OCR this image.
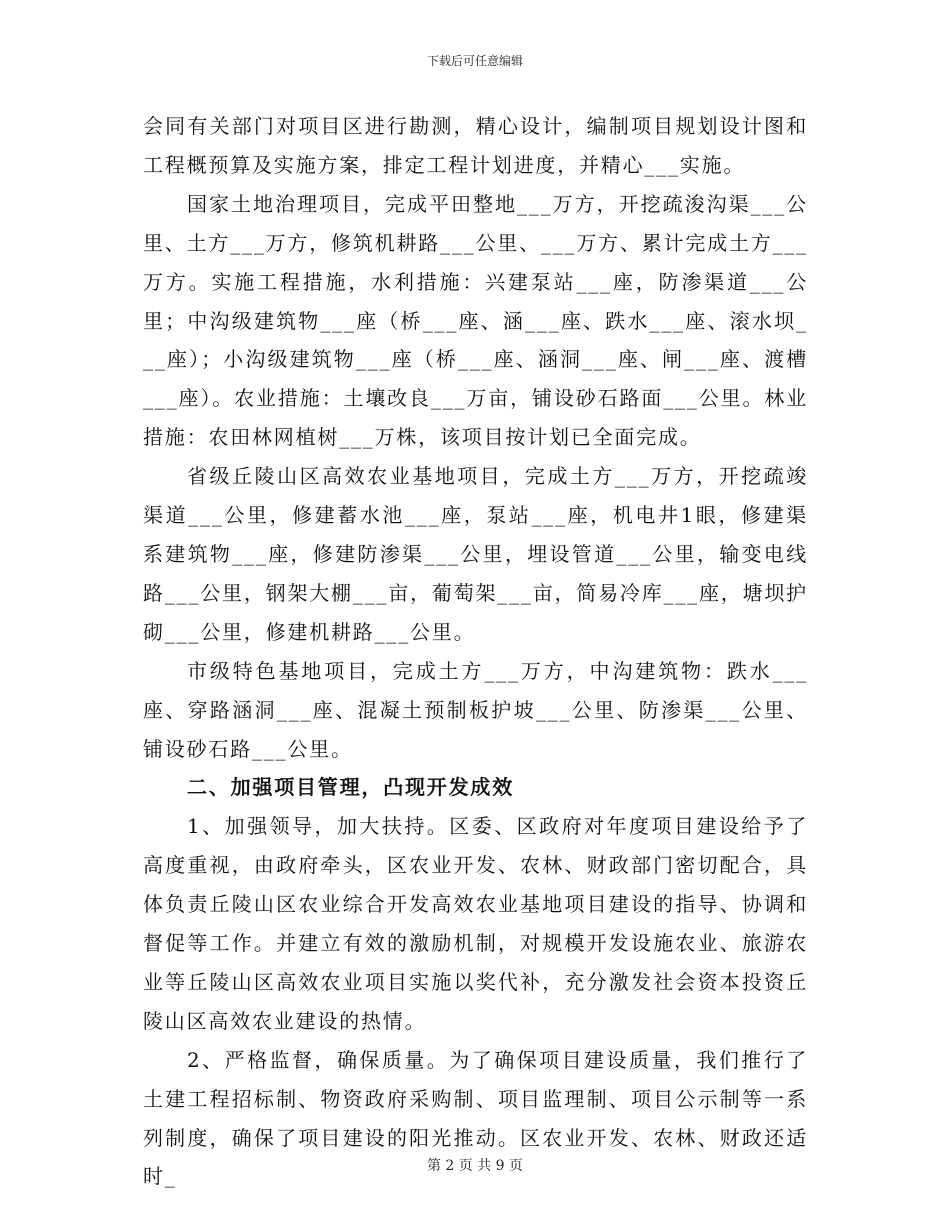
下载后可任意编辑

会同有关部门对项目区进行勘测，精心设计，编制项目规划设计图和工程概预算及实施方案，排定工程计划进度，并精心___实施。

国家土地治理项目，完成平田整地___万方，开挖疏浚沟渠___公里、土方___万方，修筑机耕路___公里、___万方、累计完成土方___万方。实施工程措施，水利措施：兴建泵站___座，防渗渠道___公里；中沟级建筑物___座（桥___座、涵___座、跌水___座、滚水坝___座）；小沟级建筑物___座（桥___座、涵洞___座、闸___座、渡槽___座）。农业措施：土壤改良___万亩，铺设砂石路面___公里。林业措施：农田林网植树___万株，该项目按计划已全面完成。

省级丘陵山区高效农业基地项目，完成土方___万方，开挖疏竣渠道___公里，修建蓄水池___座，泵站___座，机电井1眼，修建渠系建筑物___座，修建防渗渠___公里，埋设管道___公里，输变电线路___公里，钢架大棚___亩，葡萄架___亩，简易冷库___座，塘坝护砌___公里，修建机耕路___公里。

市级特色基地项目，完成土方___万方，中沟建筑物：跌水___座、穿路涵洞___座、混凝土预制板护坡___公里、防渗渠___公里、铺设砂石路___公里。

二、加强项目管理，凸现开发成效

1、加强领导，加大扶持。区委、区政府对年度项目建设给予了高度重视，由政府牵头，区农业开发、农林、财政部门密切配合，具体负责丘陵山区农业综合开发高效农业基地项目建设的指导、协调和督促等工作。并建立有效的激励机制，对规模开发设施农业、旅游农业等丘陵山区高效农业项目实施以奖代补，充分激发社会资本投资丘陵山区高效农业建设的热情。

2、严格监督，确保质量。为了确保项目建设质量，我们推行了土建工程招标制、物资政府采购制、项目监理制、项目公示制等一系列制度，确保了项目建设的阳光推动。区农业开发、农林、财政还适时_	第 2 页 共 9 页
